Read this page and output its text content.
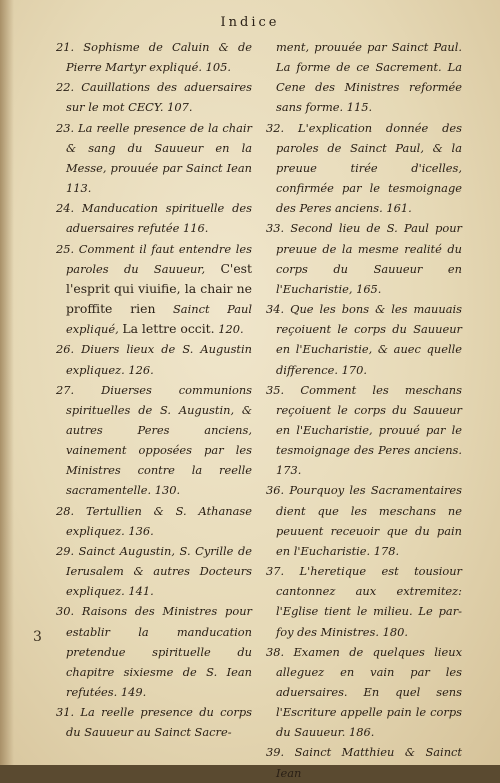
Indice

21. Sophisme de Caluin & de Pierre Martyr expliqué. 105.

22. Cauillations des aduersaires sur le mot CECY. 107.

23. La reelle presence de la chair & sang du Sauueur en la Messe, prouuée par Sainct Iean 113.

24. Manducation spirituelle des aduersaires refutée 116.

25. Comment il faut entendre les paroles du Sauueur, C'est l'esprit qui viuifie, la chair ne proffite rien Sainct Paul expliqué, La lettre occit. 120.

26. Diuers lieux de S. Augustin expliquez. 126.

27. Diuerses communions spirituelles de S. Augustin, & autres Peres anciens, vainement opposées par les Ministres contre la reelle sacramentelle. 130.

28. Tertullien & S. Athanase expliquez. 136.

29. Sainct Augustin, S. Cyrille de Ierusalem & autres Docteurs expliquez. 141.

30. Raisons des Ministres pour establir la manducation pretendue spirituelle du chapitre sixiesme de S. Iean refutées. 149.

31. La reelle presence du corps du Sauueur au Sainct Sacre-

ment, prouuée par Sainct Paul. La forme de ce Sacrement. La Cene des Ministres reformée sans forme. 115.

32. L'explication donnée des paroles de Sainct Paul, & la preuue tirée d'icelles, confirmée par le tesmoignage des Peres anciens. 161.

33. Second lieu de S. Paul pour preuue de la mesme realité du corps du Sauueur en l'Eucharistie, 165.

34. Que les bons & les mauuais reçoiuent le corps du Sauueur en l'Eucharistie, & auec quelle difference. 170.

35. Comment les meschans reçoiuent le corps du Sauueur en l'Eucharistie, prouué par le tesmoignage des Peres anciens. 173.

36. Pourquoy les Sacramentaires dient que les meschans ne peuuent receuoir que du pain en l'Eucharistie. 178.

37. L'heretique est tousiour cantonnez aux extremitez: l'Eglise tient le milieu. Le par-foy des Ministres. 180.

38. Examen de quelques lieux alleguez en vain par les aduersaires. En quel sens l'Escriture appelle pain le corps du Sauueur. 186.

39. Sainct Matthieu & Sainct Iean

3
